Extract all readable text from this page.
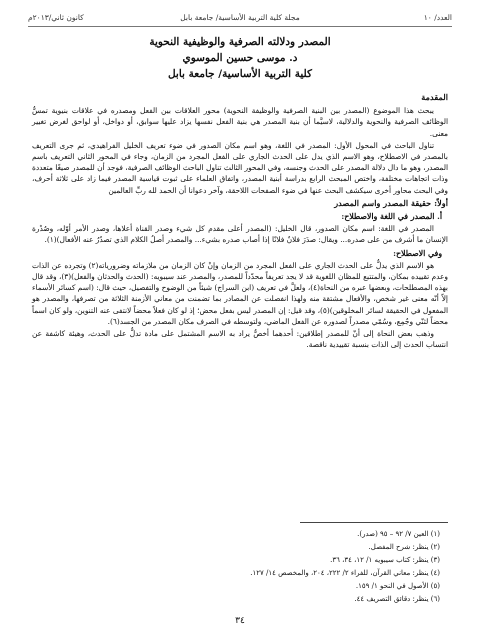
العدد/ ١٠
مجلة كلية التربية الأساسية/ جامعة بابل
كانون ثاني/٢٠١٣م
المصدر ودلالته الصرفية والوظيفية النحوية
د. موسى حسين الموسوي
كلية التربية الأساسية/ جامعة بابل
المقدمة

يبحث هذا الموضوع (المصدر بين البنية الصرفية والوظيفة النحوية) محور العلاقات بين الفعل ومصدره في علاقات بنيوية تمسُّ الوظائف الصرفية والنحوية والدلالية، لاسيَّما أن بنية المصدر هي بنية الفعل نفسها يزاد عليها سوابق، أو دواخل، أو لواحق لغرض تغيير معنى.

تناول الباحث في المحول الأول: المصدر في اللغة، وهو اسم مكان الصدور في ضوء تعريف الخليل الفراهيدي، ثم جرى التعريف بالمصدر في الاصطلاح، وهو الاسم الذي يدل على الحدث الجاري على الفعل المجرد من الزمان، وجاء في المحور الثاني التعريف باسم المصدر، وهو ما دال دلالة المصدر على الحدث وجنسه، وفي المحور الثالث تناول الباحث الوظائف الصرفية، فوجد أن للمصدر صيغًا متعددة وذات اتجاهات مختلفة، واختص المبحث الرابع بدراسة أبنية المصدر، واتفاق العلماء على ثبوت قياسية المصدر فيما زاد على ثلاثة أحرف، وفي البحث محاور أخرى سيكشف البحث عنها في ضوء الصفحات اللاحقة، وآخر دعوانا أن الحمد لله ربِّ العالمين

أولاً: حقيقة المصدر واسم المصدر
أ. المصدر في اللغة والاصطلاح:

المصدر في اللغة: اسم مكان الصدور، قال الخليل: (المصدر أعلى مقدم كل شيء وصدر القناة أعلاها، وصدر الأمر أوّله، وصُدْرة الإنسان ما أشرف من على صدره... ويقال: صدَرَ فلانٌ فلانًا إذا أصاب صدره بشيء... والمصدر أصلُ الكلام الذي تصدُرُ عنه الأفعال)(١).

وفي الاصطلاح:

هو الاسم الذي يدلُّ على الحدث الجاري على الفعل المجرد من الزمان وإنْ كان الزمان من ملازماته وضرورياته(٢) وتجرده عن الذات وعدم تقييده بمكان، والمتتبع للمظان اللغوية قد لا يجد تعريفاً محدّداً للمصدر، والمصدر عند سيبويه: (الحدث والحدثان والفعل)(٣)، وقد قال بهذه المصطلحات، وبعضها عبره من النحاة(٤)، ولعلَّ في تعريف (ابن السراج) شيئاً من الوضوح والتفصيل، حيث قال: (اسم كسائر الأسماء إلاّ أنّه معنى غير شخص، والأفعال مشتقة منه ولهذا انفصلت عن المصادر بما تضمنت من معاني الأزمنة الثلاثة من تصرفها، والمصدر هو المفعول في الحقيقة لسائر المخلوقين)(٥)، وقد قيل: إن المصدر ليس بفعل محض؛ إذ لو كان فعلاً محضاً لانتفى عنه التنوين، ولو كان اسماً محضاً لثنّي وجُمِع، وسُمّي مصدراً لصدوره عن الفعل الماضي، ولتوسطه في الصرف مكان المصدر من الجسد(٦).

وذهب بعض النحاة إلى أنّ للمصدر إطلاقين: أحدهما أخصُّ يراد به الاسم المشتمل على مادة تدلُّ على الحدث، وهيئة كاشفة عن انتساب الحدث إلى الذات بنسبة تقييدية ناقصة.

(١) العين ٧/ ٩٢ – ٩٥ (صدر).
(٢) ينظر: شرح المفصل.
(٣) ينظر: كتاب سيبويه ١/ ١٢، ٣٤، ٣٦.
(٤) ينظر: معاني القرآن، للفراء ٢/ ٢٢٢، ٢٠٤، والمخصص ١٤/ ١٢٧.
(٥) الأصول في النحو ١/ ١٥٩.
(٦) ينظر: دقائق التصريف ٤٤.
٣٤
